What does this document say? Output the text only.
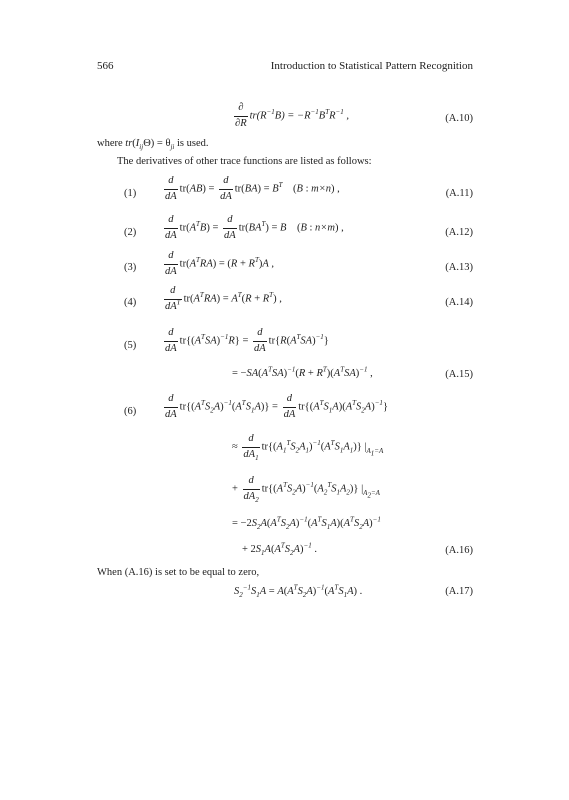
566	Introduction to Statistical Pattern Recognition
$\frac{\partial}{\partial R} tr(R^{-1}B) = -R^{-1}B^TR^{-1}$ ,	(A.10)
where $tr(I_{ij}\Theta) = \theta_{ji}$ is used.
The derivatives of other trace functions are listed as follows:
(1)	$\frac{d}{dA} tr(AB) = \frac{d}{dA} tr(BA) = B^T$ (B : m×n) ,	(A.11)
(2)	$\frac{d}{dA} tr(A^TB) = \frac{d}{dA} tr(BA^T) = B$    (B : n×m) ,	(A.12)
(3)	$\frac{d}{dA} tr(A^TRA) = (R + R^T)A$ ,	(A.13)
(4)	$\frac{d}{dA^T} tr(A^TRA) = A^T(R + R^T)$ ,	(A.14)
(5)	$\frac{d}{dA} tr\{(A^TSA)^{-1}R\} = \frac{d}{dA} tr\{R(A^TSA)^{-1}\}$
= $-SA(A^TSA)^{-1}(R + R^T)(A^TSA)^{-1}$ ,	(A.15)
(6)	$\frac{d}{dA} tr\{(A^TS_2A)^{-1}(A^TS_1A)\} = \frac{d}{dA} tr\{(A^TS_1A)(A^TS_2A)^{-1}\}$
≈ $\frac{d}{dA_1} tr\{(A_1^TS_2A_1)^{-1}(A^TS_1A_1)\}$ $|_{A_1=A}$
+ $\frac{d}{dA_2} tr\{(A^TS_2A)^{-1}(A_2^TS_1A_2)\}$ $|_{A_2=A}$
= $-2S_2A(A^TS_2A)^{-1}(A^TS_1A)(A^TS_2A)^{-1}$
+ $2S_1A(A^TS_2A)^{-1}$ .	(A.16)
When (A.16) is set to be equal to zero,
$S_2^{-1}S_1A = A(A^TS_2A)^{-1}(A^TS_1A)$ .	(A.17)
